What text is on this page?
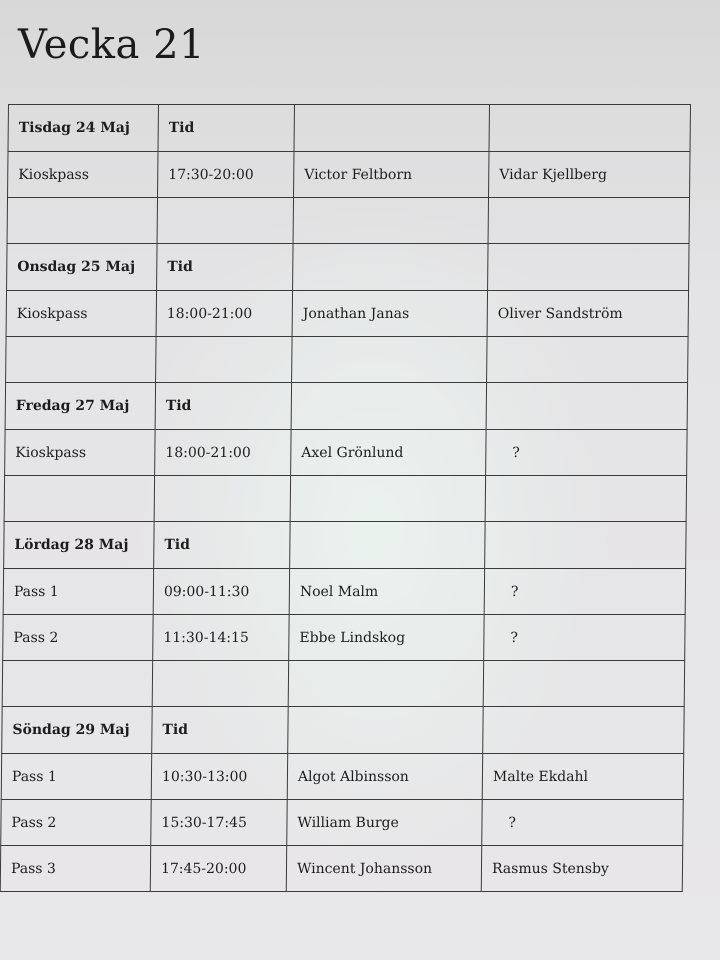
Vecka 21
Tisdag 24 Maj	Tid		
Kioskpass	17:30-20:00	Victor Feltborn	Vidar Kjellberg

Onsdag 25 Maj	Tid		
Kioskpass	18:00-21:00	Jonathan Janas	Oliver Sandström

Fredag 27 Maj	Tid		
Kioskpass	18:00-21:00	Axel Grönlund	?

Lördag 28 Maj	Tid		
Pass 1	09:00-11:30	Noel Malm	?
Pass 2	11:30-14:15	Ebbe Lindskog	?

Söndag 29 Maj	Tid		
Pass 1	10:30-13:00	Algot Albinsson	Malte Ekdahl
Pass 2	15:30-17:45	William Burge	?
Pass 3	17:45-20:00	Wincent Johansson	Rasmus Stensby
